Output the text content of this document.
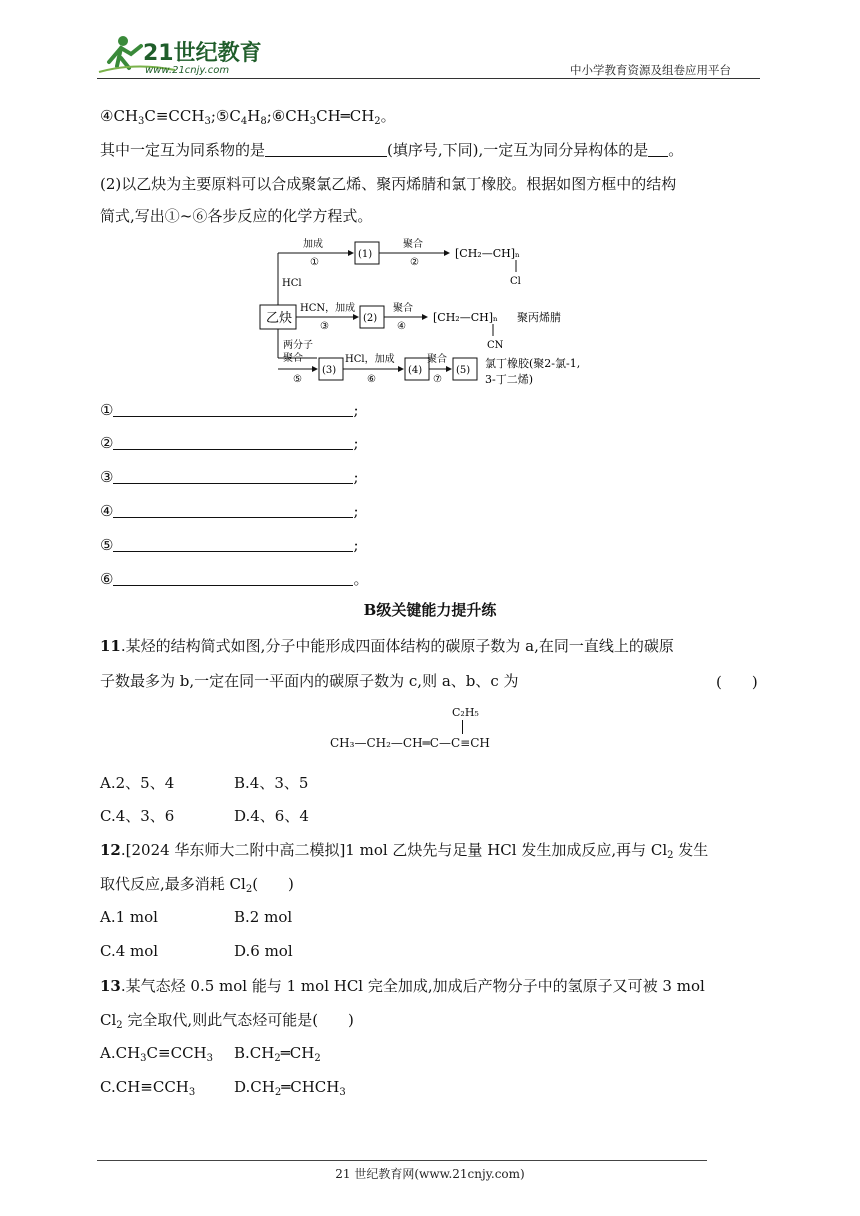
21世纪教育
www.21cnjy.com	中小学教育资源及组卷应用平台
$④CH_3C\equiv CCH_3;⑤C_4H_8;⑥CH_3CH═CH_2$。
其中一定互为同系物的是	(填序号,下同),一定互为同分异构体的是 。
(2)以乙炔为主要原料可以合成聚氯乙烯、聚丙烯腈和氯丁橡胶。根据如图方框中的结构
简式,写出①~⑥各步反应的化学方程式。
乙炔
HCl
加成
①
(1)
聚合
②
[CH₂—CH]ₙ
Cl
HCN，加成
③
(2)
聚合
④
[CH₂—CH]ₙ
CN
聚丙烯腈
两分子
聚合
⑤
(3)
HCl，加成
⑥
(4)
聚合
⑦
(5)
氯丁橡胶(聚2-氯-1,
3-丁二烯)
①	;
②	;
③	;
④	;
⑤	;
⑥	。
B级关键能力提升练
11.某烃的结构简式如图,分子中能形成四面体结构的碳原子数为 a,在同一直线上的碳原
子数最多为 b,一定在同一平面内的碳原子数为 c,则 a、b、c 为	(　　)
C₂H₅
CH₃—CH₂—CH═C—C≡CH
A.2、5、4	B.4、3、5
C.4、3、6	D.4、6、4
12.[2024 华东师大二附中高二模拟]1 mol 乙炔先与足量 HCl 发生加成反应,再与 $Cl_2$ 发生
取代反应,最多消耗 $Cl_2$(　　)
A.1 mol	B.2 mol
C.4 mol	D.6 mol
13.某气态烃 0.5 mol 能与 1 mol HCl 完全加成,加成后产物分子中的氢原子又可被 3 mol
$Cl_2$ 完全取代,则此气态烃可能是(　　)
$A.CH_3C\equiv CCH_3$ $B.CH_2═CH_2$
$C.CH\equiv CCH_3$	$D.CH_2═CHCH_3$
21 世纪教育网(www.21cnjy.com)
